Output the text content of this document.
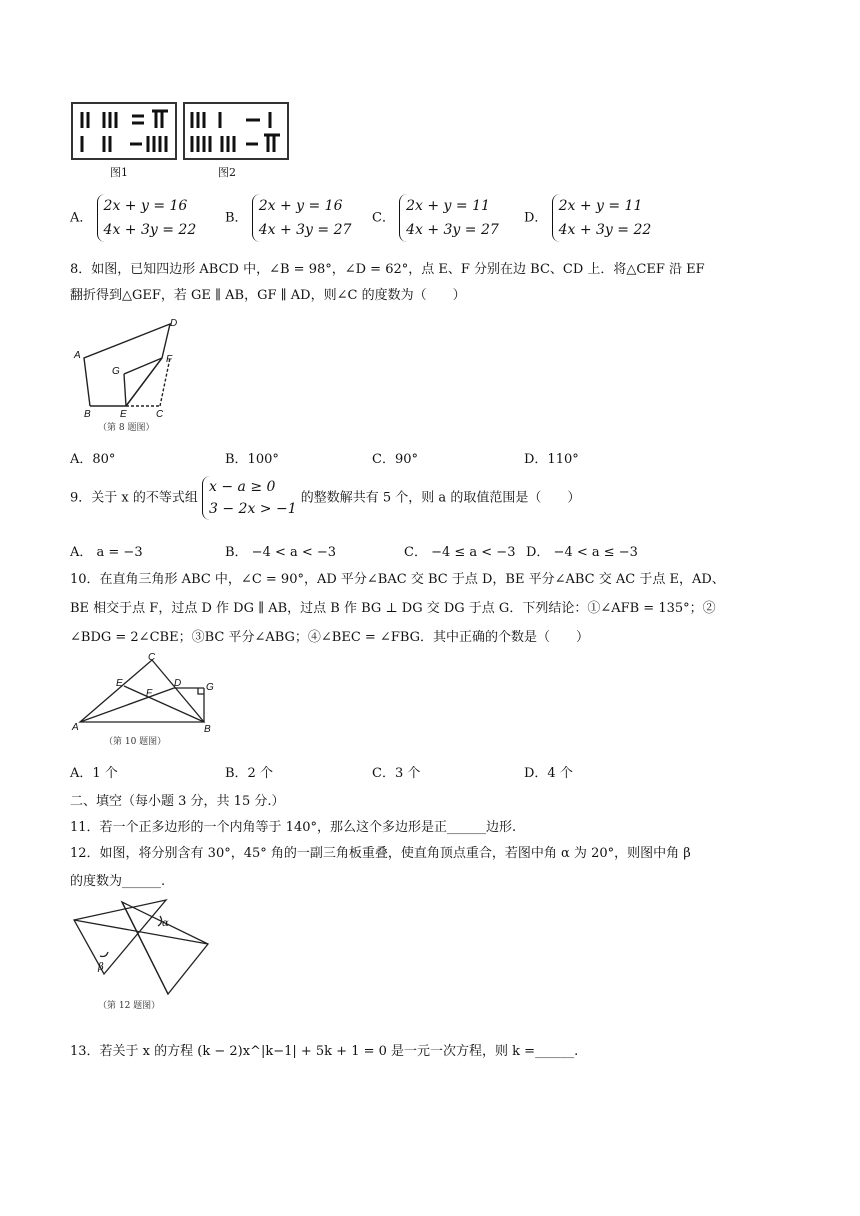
图1	图2
A． 2x + y = 16
4x + 3y = 22
B． 2x + y = 16
4x + 3y = 27
C． 2x + y = 11
4x + 3y = 27
D． 2x + y = 11
4x + 3y = 22
8．如图，已知四边形 ABCD 中，∠B = 98°，∠D = 62°，点 E、F 分别在边 BC、CD 上．将△CEF 沿 EF
翻折得到△GEF，若 GE ∥ AB，GF ∥ AD，则∠C 的度数为（　　）
A
B	C
D
E
F
G
（第 8 题图）
A．80°	B．100°	C．90°	D．110°
9．关于 x 的不等式组 x − a ≥ 0
3 − 2x > −1 的整数解共有 5 个，则 a 的取值范围是（　　）
A． a = −3	B． −4 < a < −3	C． −4 ≤ a < −3 D． −4 < a ≤ −3
10．在直角三角形 ABC 中，∠C = 90°，AD 平分∠BAC 交 BC 于点 D，BE 平分∠ABC 交 AC 于点 E，AD、
BE 相交于点 F，过点 D 作 DG ∥ AB，过点 B 作 BG ⊥ DG 交 DG 于点 G．下列结论：①∠AFB = 135°；②
∠BDG = 2∠CBE；③BC 平分∠ABG；④∠BEC = ∠FBG．其中正确的个数是（　　）
A	B
C
D
E
F
G
（第 10 题图）
A．1 个	B．2 个	C．3 个	D．4 个
二、填空（每小题 3 分，共 15 分.）
11．若一个正多边形的一个内角等于 140°，那么这个多边形是正______边形.
12．如图，将分别含有 30°，45° 角的一副三角板重叠，使直角顶点重合，若图中角 α 为 20°，则图中角 β
的度数为______.
α
β
（第 12 题图）
13．若关于 x 的方程 (k − 2)x^|k−1| + 5k + 1 = 0 是一元一次方程，则 k =______.
